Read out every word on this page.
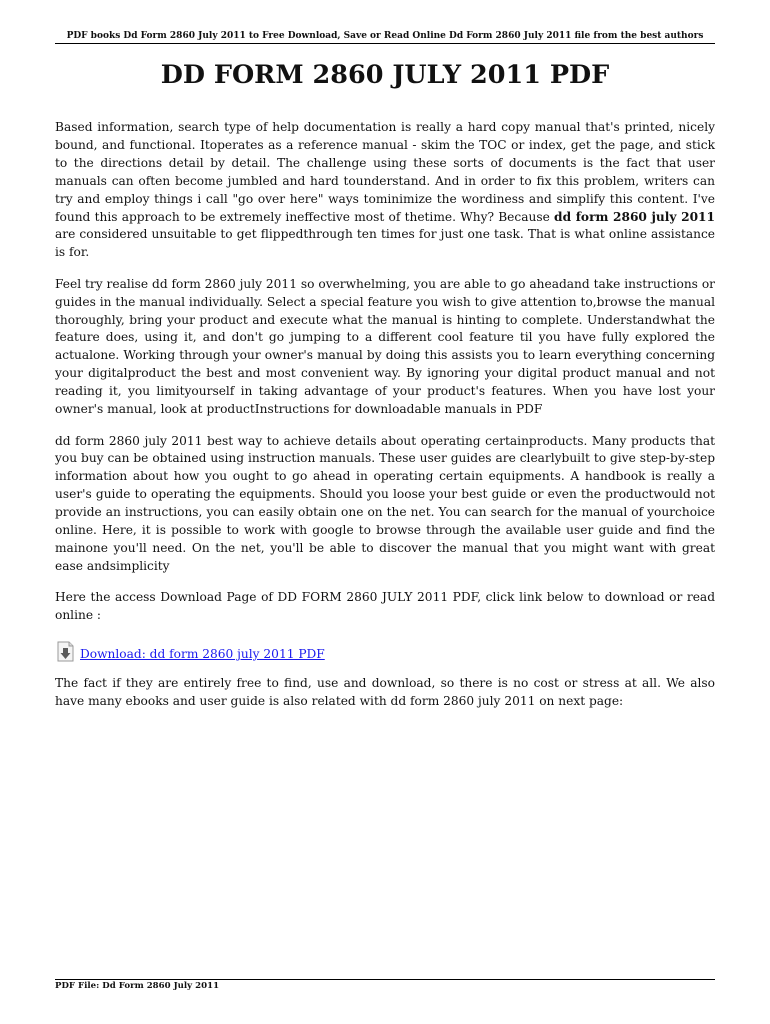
PDF books Dd Form 2860 July 2011 to Free Download, Save or Read Online Dd Form 2860 July 2011 file from the best authors
DD FORM 2860 JULY 2011 PDF

Based information, search type of help documentation is really a hard copy manual that's printed, nicely bound, and functional. Itoperates as a reference manual - skim the TOC or index, get the page, and stick to the directions detail by detail. The challenge using these sorts of documents is the fact that user manuals can often become jumbled and hard tounderstand. And in order to fix this problem, writers can try and employ things i call "go over here" ways tominimize the wordiness and simplify this content. I've found this approach to be extremely ineffective most of thetime. Why? Because dd form 2860 july 2011 are considered unsuitable to get flippedthrough ten times for just one task. That is what online assistance is for.

Feel try realise dd form 2860 july 2011 so overwhelming, you are able to go aheadand take instructions or guides in the manual individually. Select a special feature you wish to give attention to,browse the manual thoroughly, bring your product and execute what the manual is hinting to complete. Understandwhat the feature does, using it, and don't go jumping to a different cool feature til you have fully explored the actualone. Working through your owner's manual by doing this assists you to learn everything concerning your digitalproduct the best and most convenient way. By ignoring your digital product manual and not reading it, you limityourself in taking advantage of your product's features. When you have lost your owner's manual, look at productInstructions for downloadable manuals in PDF

dd form 2860 july 2011 best way to achieve details about operating certainproducts. Many products that you buy can be obtained using instruction manuals. These user guides are clearlybuilt to give step-by-step information about how you ought to go ahead in operating certain equipments. A handbook is really a user's guide to operating the equipments. Should you loose your best guide or even the productwould not provide an instructions, you can easily obtain one on the net. You can search for the manual of yourchoice online. Here, it is possible to work with google to browse through the available user guide and find the mainone you'll need. On the net, you'll be able to discover the manual that you might want with great ease andsimplicity

Here the access Download Page of DD FORM 2860 JULY 2011 PDF, click link below to download or read online :

Download: dd form 2860 july 2011 PDF

The fact if they are entirely free to find, use and download, so there is no cost or stress at all. We also have many ebooks and user guide is also related with dd form 2860 july 2011 on next page:

PDF File: Dd Form 2860 July 2011
